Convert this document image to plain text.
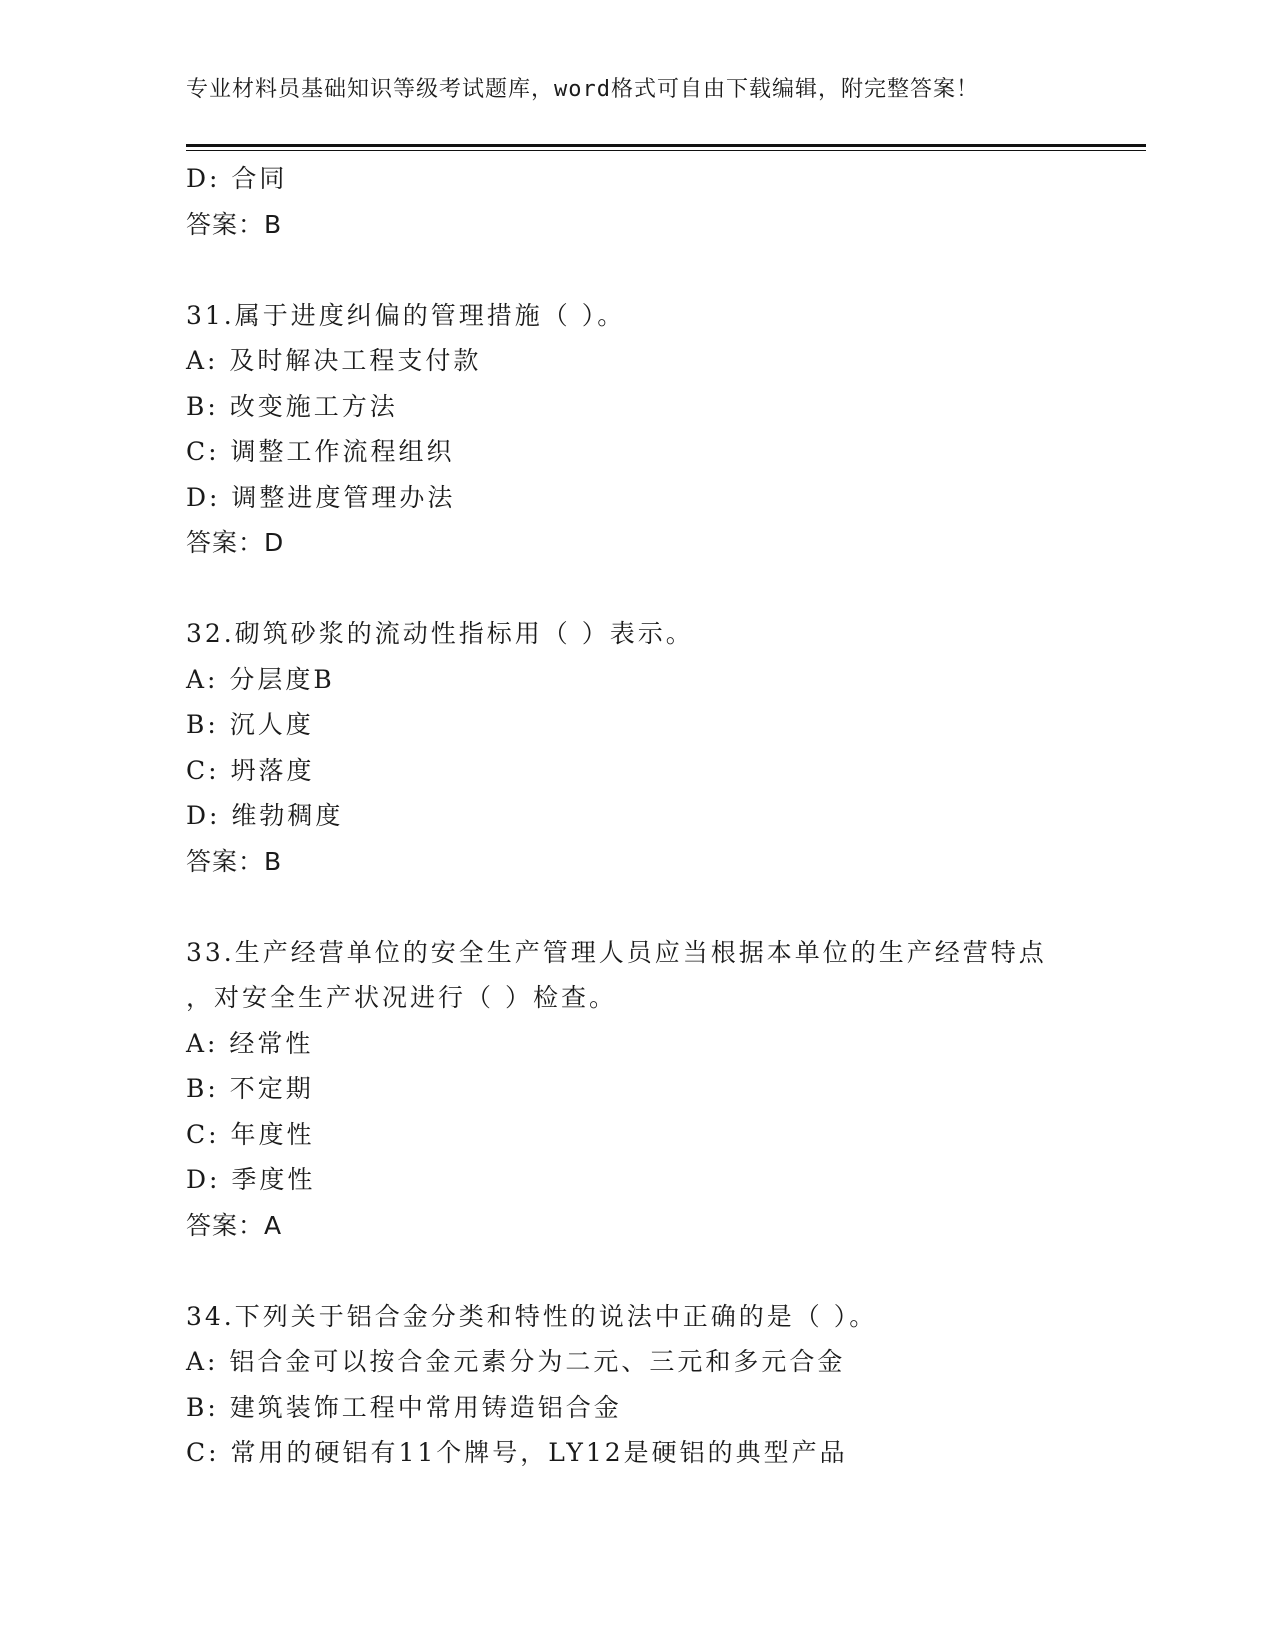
专业材料员基础知识等级考试题库，word格式可自由下载编辑，附完整答案！
D: 合同
答案：B
31.属于进度纠偏的管理措施（ ）。
A: 及时解决工程支付款
B: 改变施工方法
C: 调整工作流程组织
D: 调整进度管理办法
答案：D
32.砌筑砂浆的流动性指标用（ ）表示。
A: 分层度B
B: 沉人度
C: 坍落度
D: 维勃稠度
答案：B
33.生产经营单位的安全生产管理人员应当根据本单位的生产经营特点
，对安全生产状况进行（ ）检查。
A: 经常性
B: 不定期
C: 年度性
D: 季度性
答案：A
34.下列关于铝合金分类和特性的说法中正确的是（ ）。
A: 铝合金可以按合金元素分为二元、三元和多元合金
B: 建筑装饰工程中常用铸造铝合金
C: 常用的硬铝有11个牌号，LY12是硬铝的典型产品
